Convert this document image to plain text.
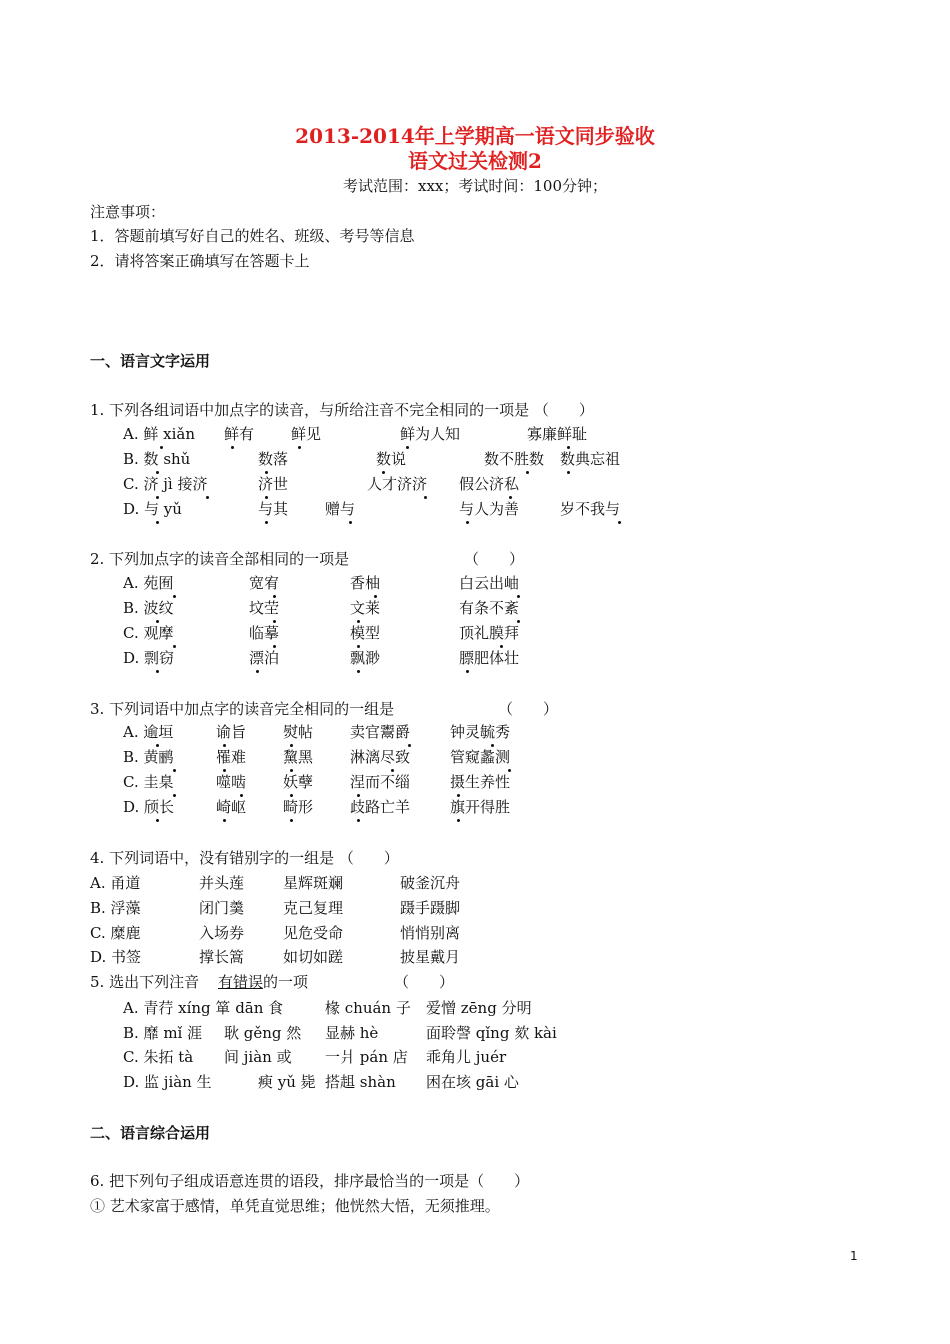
2013-2014年上学期高一语文同步验收
语文过关检测2
考试范围：xxx；考试时间：100分钟；
注意事项：
1．答题前填写好自己的姓名、班级、考号等信息
2．请将答案正确填写在答题卡上
一、语言文字运用
1. 下列各组词语中加点字的读音，与所给注音不完全相同的一项是 （　　）
A. 鲜 xiǎn 鲜有 鲜见	鲜为人知	寡廉鲜耻
B. 数 shǔ	数落	数说	数不胜数 数典忘祖
C. 济 jì 接济	济世	人才济济 假公济私
D. 与 yǔ	与其 赠与	与人为善	岁不我与
2. 下列加点字的读音全部相同的一项是	（　　）
A. 苑囿	宽宥	香柚	白云出岫
B. 波纹	坟茔	文莱	有条不紊
C. 观摩	临摹	模型	顶礼膜拜
D. 剽窃	漂泊	飘渺	膘肥体壮
3. 下列词语中加点字的读音完全相同的一组是	（　　）
A. 逾垣	谕旨 熨帖 卖官鬻爵	钟灵毓秀
B. 黄鹂	罹难 黧黑 淋漓尽致	管窥蠡测
C. 圭臬	噬啮 妖孽 涅而不缁	摄生养性
D. 颀长	崎岖 畸形 歧路亡羊	旗开得胜
4. 下列词语中，没有错别字的一组是 （　　）
A. 甬道	并头莲	星辉斑斓	破釜沉舟
B. 浮藻	闭门羹	克己复理	蹑手蹑脚
C. 糜鹿	入场券	见危受命	悄悄别离
D. 书签	撑长篙	如切如蹉	披星戴月
5. 选出下列注音 有错误 的一项	（　　）
A. 青荇 xíng 箪 dān 食	椽 chuán 子 爱憎 zēng 分明
B. 靡 mǐ 涯 耿 gěng 然 显赫 hè	面聆謦 qǐng 欬 kài
C. 朱拓 tà 间 jiàn 或 一爿 pán 店 乖角儿 juér
D. 监 jiàn 生	瘐 yǔ 毙 搭趄 shàn 困在垓 gāi 心
二、语言综合运用
6. 把下列句子组成语意连贯的语段，排序最恰当的一项是（　　）
① 艺术家富于感情，单凭直觉思维；他恍然大悟，无须推理。
1
